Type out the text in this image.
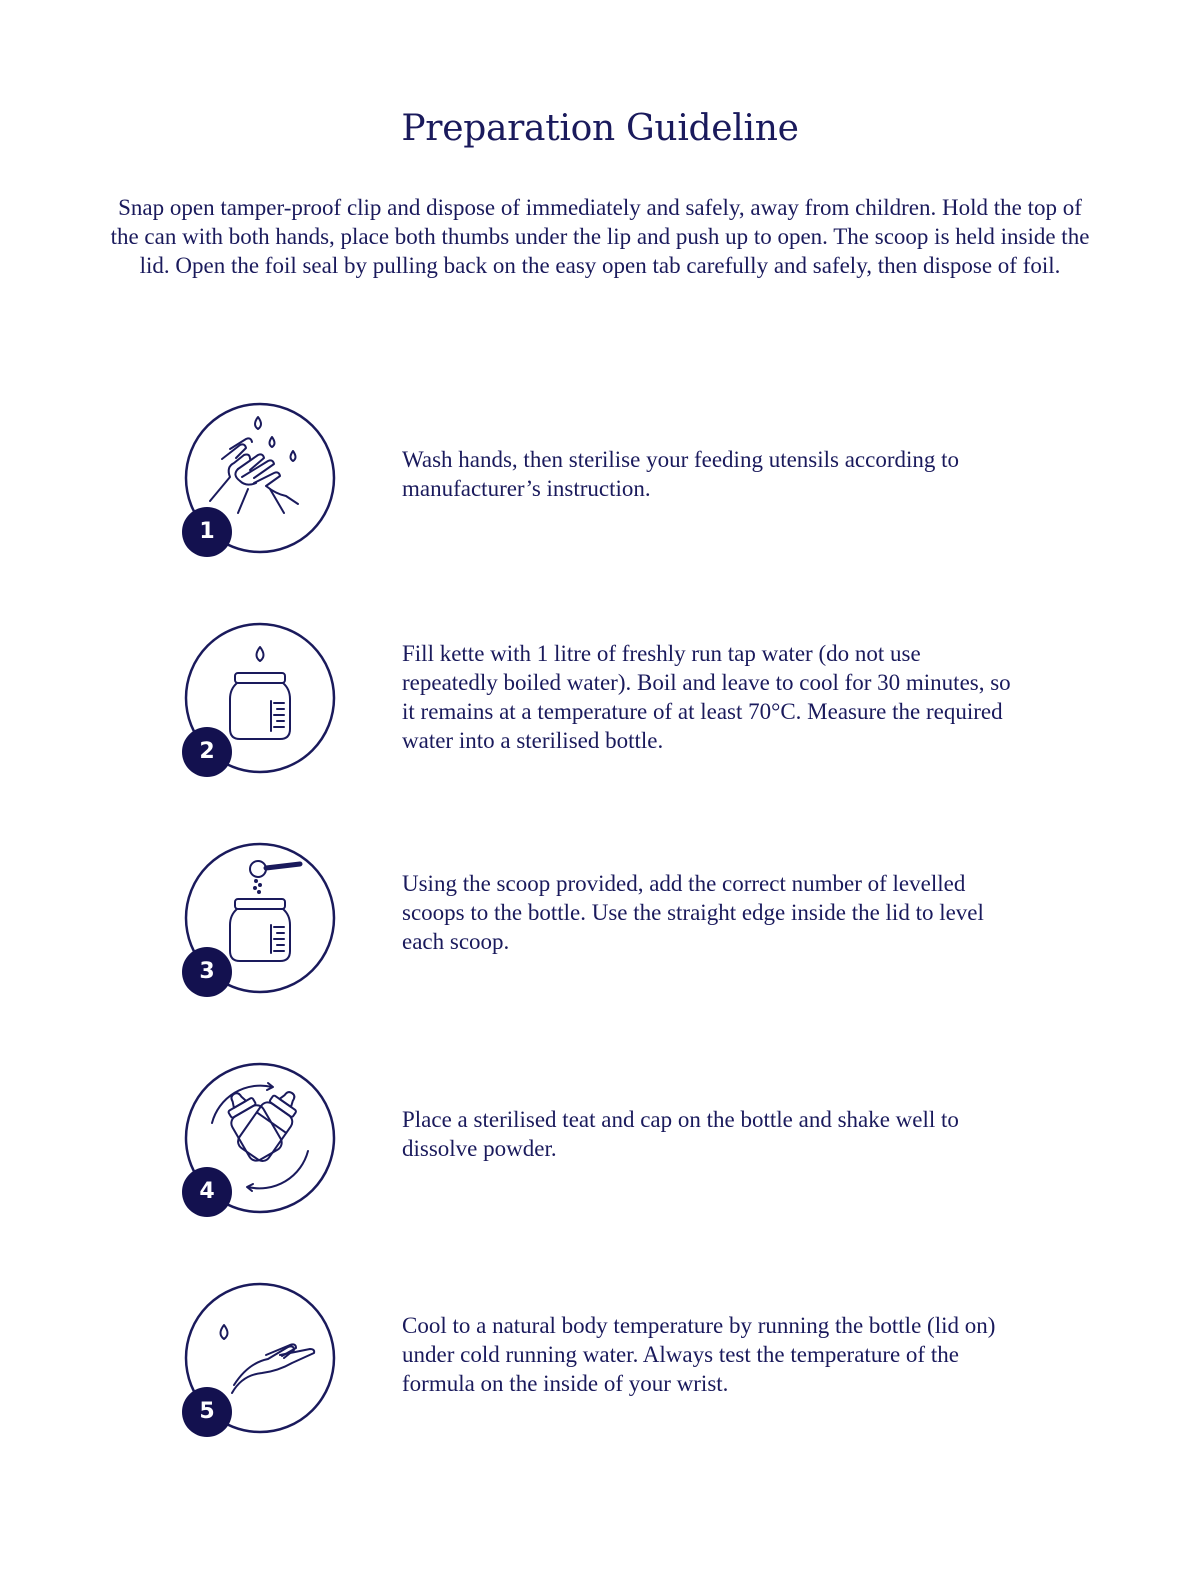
Preparation Guideline

Snap open tamper-proof clip and dispose of immediately and safely, away from children. Hold the top of the can with both hands, place both thumbs under the lip and push up to open. The scoop is held inside the lid. Open the foil seal by pulling back on the easy open tab carefully and safely, then dispose of foil.

1

Wash hands, then sterilise your feeding utensils according to manufacturer’s instruction.

2

Fill kette with 1 litre of freshly run tap water (do not use repeatedly boiled water). Boil and leave to cool for 30 minutes, so it remains at a temperature of at least 70°C. Measure the required water into a sterilised bottle.

3

Using the scoop provided, add the correct number of levelled scoops to the bottle. Use the straight edge inside the lid to level each scoop.

4

Place a sterilised teat and cap on the bottle and shake well to dissolve powder.

5

Cool to a natural body temperature by running the bottle (lid on) under cold running water. Always test the temperature of the formula on the inside of your wrist.
